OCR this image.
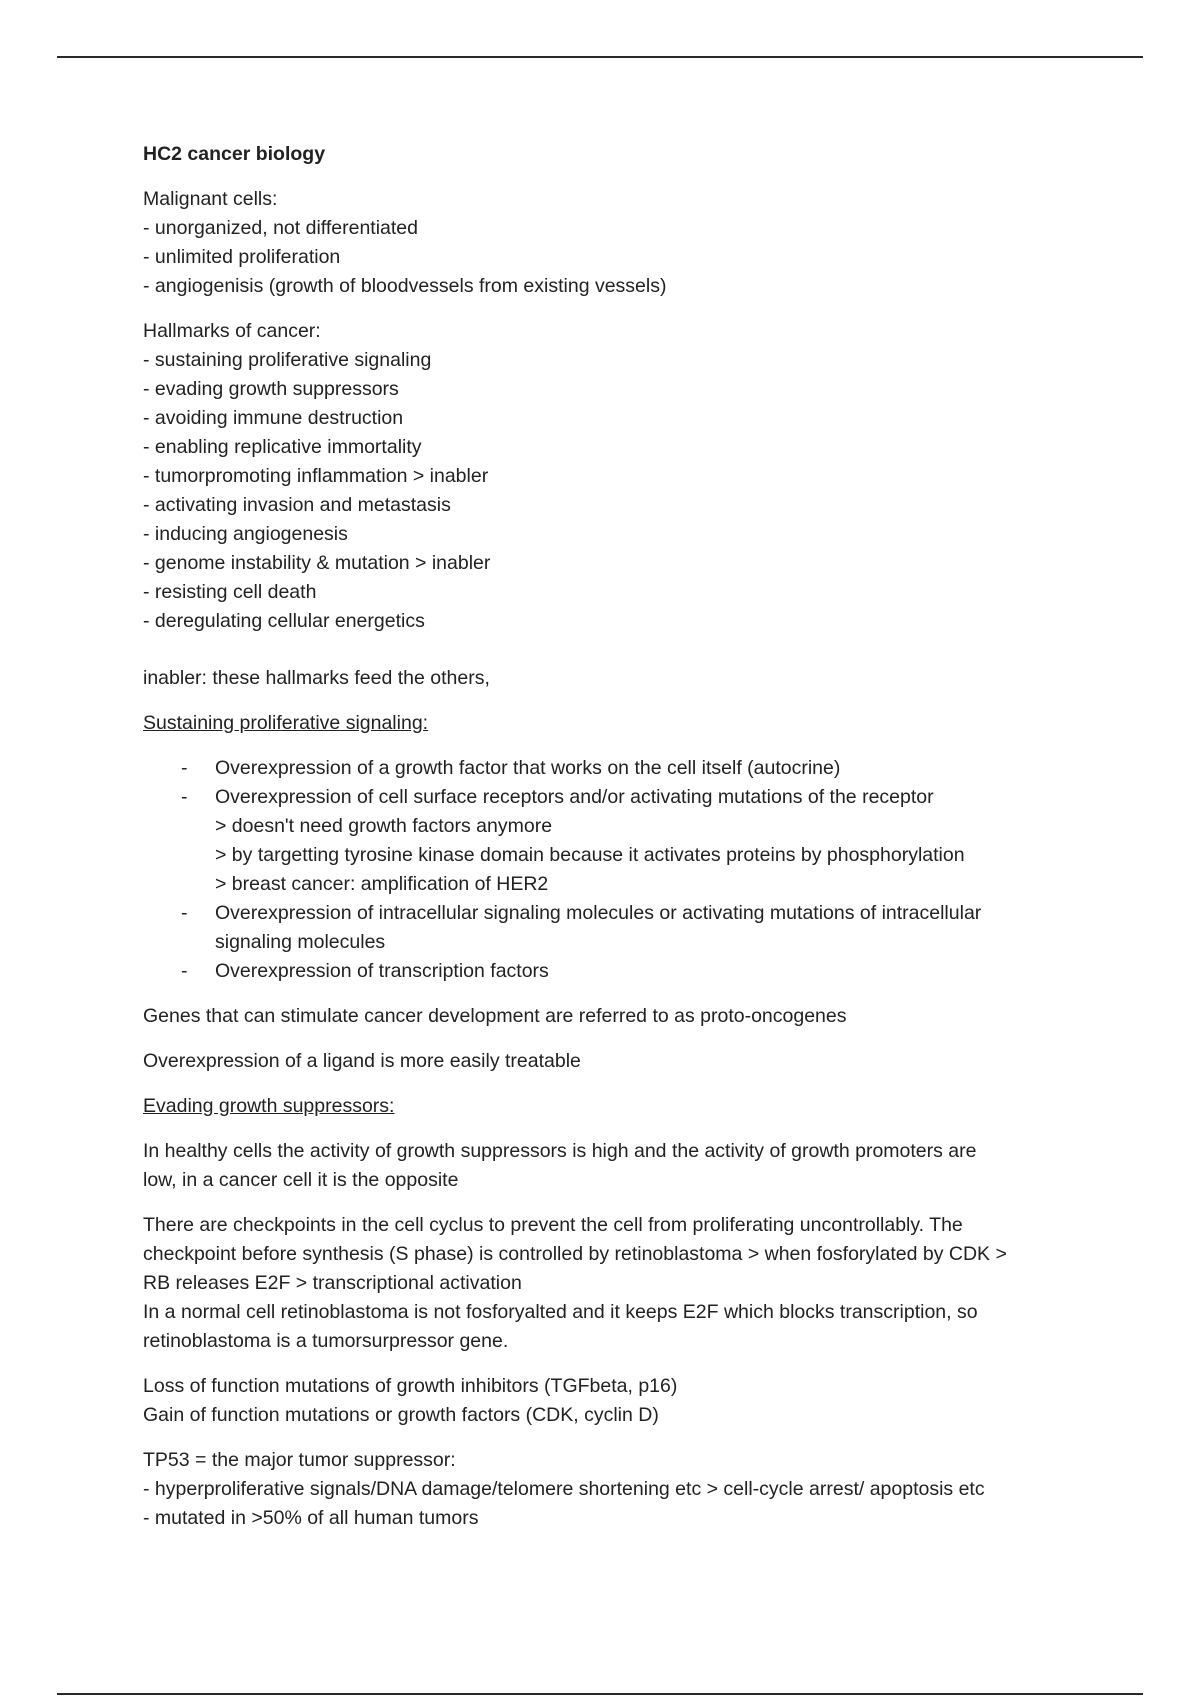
HC2 cancer biology
Malignant cells:
- unorganized, not differentiated
- unlimited proliferation
- angiogenisis (growth of bloodvessels from existing vessels)
Hallmarks of cancer:
- sustaining proliferative signaling
- evading growth suppressors
- avoiding immune destruction
- enabling replicative immortality
- tumorpromoting inflammation > inabler
- activating invasion and metastasis
- inducing angiogenesis
- genome instability & mutation > inabler
- resisting cell death
- deregulating cellular energetics
inabler: these hallmarks feed the others,
Sustaining proliferative signaling:
- Overexpression of a growth factor that works on the cell itself (autocrine)
- Overexpression of cell surface receptors and/or activating mutations of the receptor
> doesn't need growth factors anymore
> by targetting tyrosine kinase domain because it activates proteins by phosphorylation
> breast cancer: amplification of HER2
- Overexpression of intracellular signaling molecules or activating mutations of intracellular
signaling molecules
- Overexpression of transcription factors
Genes that can stimulate cancer development are referred to as proto-oncogenes
Overexpression of a ligand is more easily treatable
Evading growth suppressors:
In healthy cells the activity of growth suppressors is high and the activity of growth promoters are
low, in a cancer cell it is the opposite
There are checkpoints in the cell cyclus to prevent the cell from proliferating uncontrollably. The
checkpoint before synthesis (S phase) is controlled by retinoblastoma > when fosforylated by CDK >
RB releases E2F > transcriptional activation
In a normal cell retinoblastoma is not fosforyalted and it keeps E2F which blocks transcription, so
retinoblastoma is a tumorsurpressor gene.
Loss of function mutations of growth inhibitors (TGFbeta, p16)
Gain of function mutations or growth factors (CDK, cyclin D)
TP53 = the major tumor suppressor:
- hyperproliferative signals/DNA damage/telomere shortening etc > cell-cycle arrest/ apoptosis etc
- mutated in >50% of all human tumors
